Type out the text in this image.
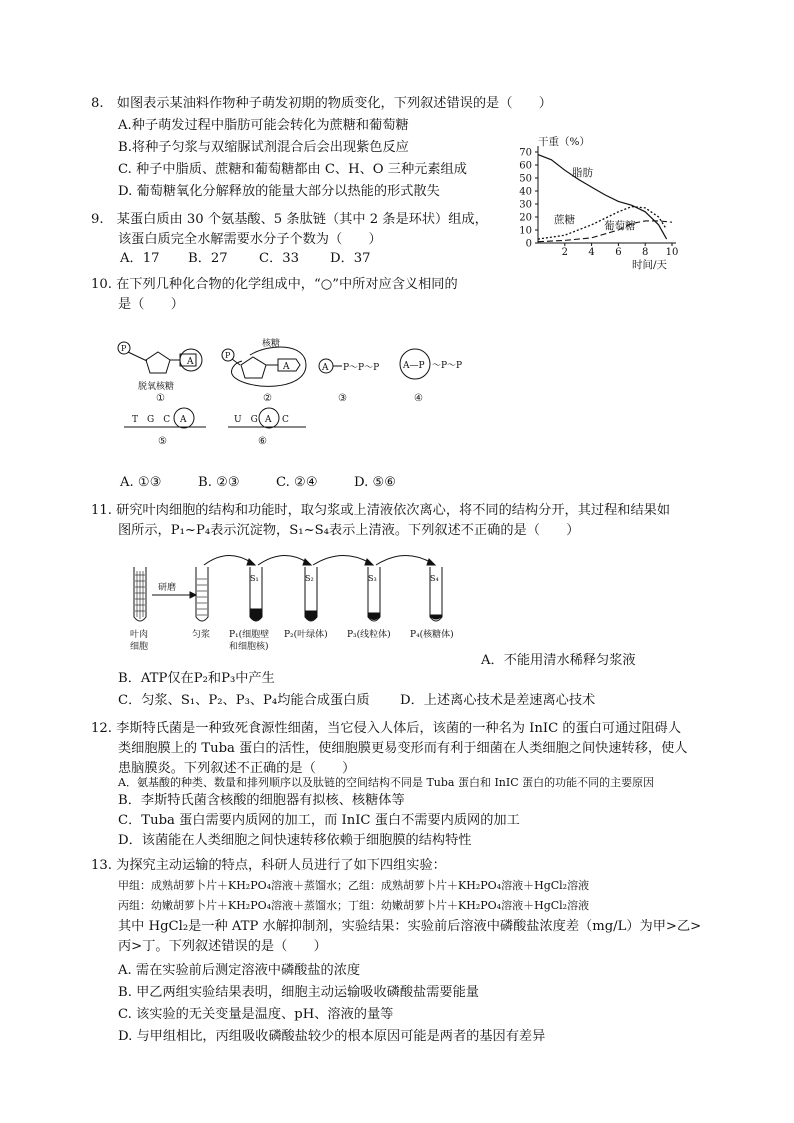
8.　如图表示某油料作物种子萌发初期的物质变化，下列叙述错误的是（　　）
A.种子萌发过程中脂肪可能会转化为蔗糖和葡萄糖
B.将种子匀浆与双缩脲试剂混合后会出现紫色反应
C. 种子中脂质、蔗糖和葡萄糖都由 C、H、O 三种元素组成
D. 葡萄糖氧化分解释放的能量大部分以热能的形式散失
0
10
20
30
40
50
60
70
2 4 6 8 10
干重（%）
时间/天
脂肪
蔗糖	葡萄糖
9.　某蛋白质由 30 个氨基酸、5 条肽链（其中 2 条是环状）组成，
该蛋白质完全水解需要水分子个数为（　　）
A．17 B．27 C．33 D．37
10. 在下列几种化合物的化学组成中，“○”中所对应含义相同的
是（　　）
P
A
脱氧核糖
①
P
核糖
A
②
A P～P～P
③
A—P ～P～P
④
T　G　C A
⑤
U　G A C
⑥
A. ①③	B. ②③	C. ②④	D. ⑤⑥
11. 研究叶肉细胞的结构和功能时，取匀浆或上清液依次离心，将不同的结构分开，其过程和结果如
图所示，P₁~P₄表示沉淀物，S₁~S₄表示上清液。下列叙述不正确的是（　　）
研磨
叶肉
细胞
匀浆
S₁	S₂	S₃	S₄
P₁(细胞壁
和细胞核)
P₂(叶绿体) P₃(线粒体) P₄(核糖体)
A．不能用清水稀释匀浆液
B．ATP仅在P₂和P₃中产生
C．匀浆、S₁、P₂、P₃、P₄均能合成蛋白质 D．上述离心技术是差速离心技术
12. 李斯特氏菌是一种致死食源性细菌，当它侵入人体后，该菌的一种名为 InIC 的蛋白可通过阻碍人
类细胞膜上的 Tuba 蛋白的活性，使细胞膜更易变形而有利于细菌在人类细胞之间快速转移，使人
患脑膜炎。下列叙述不正确的是（　　）
A．氨基酸的种类、数量和排列顺序以及肽链的空间结构不同是 Tuba 蛋白和 InIC 蛋白的功能不同的主要原因
B．李斯特氏菌含核酸的细胞器有拟核、核糖体等
C．Tuba 蛋白需要内质网的加工，而 InIC 蛋白不需要内质网的加工
D．该菌能在人类细胞之间快速转移依赖于细胞膜的结构特性
13. 为探究主动运输的特点，科研人员进行了如下四组实验：
甲组：成熟胡萝卜片＋KH₂PO₄溶液＋蒸馏水；乙组：成熟胡萝卜片＋KH₂PO₄溶液＋HgCl₂溶液
丙组：幼嫩胡萝卜片＋KH₂PO₄溶液＋蒸馏水；丁组：幼嫩胡萝卜片＋KH₂PO₄溶液＋HgCl₂溶液
其中 HgCl₂是一种 ATP 水解抑制剂，实验结果：实验前后溶液中磷酸盐浓度差（mg/L）为甲>乙>
丙>丁。下列叙述错误的是（　　）
A. 需在实验前后测定溶液中磷酸盐的浓度
B. 甲乙两组实验结果表明，细胞主动运输吸收磷酸盐需要能量
C. 该实验的无关变量是温度、pH、溶液的量等
D. 与甲组相比，丙组吸收磷酸盐较少的根本原因可能是两者的基因有差异
